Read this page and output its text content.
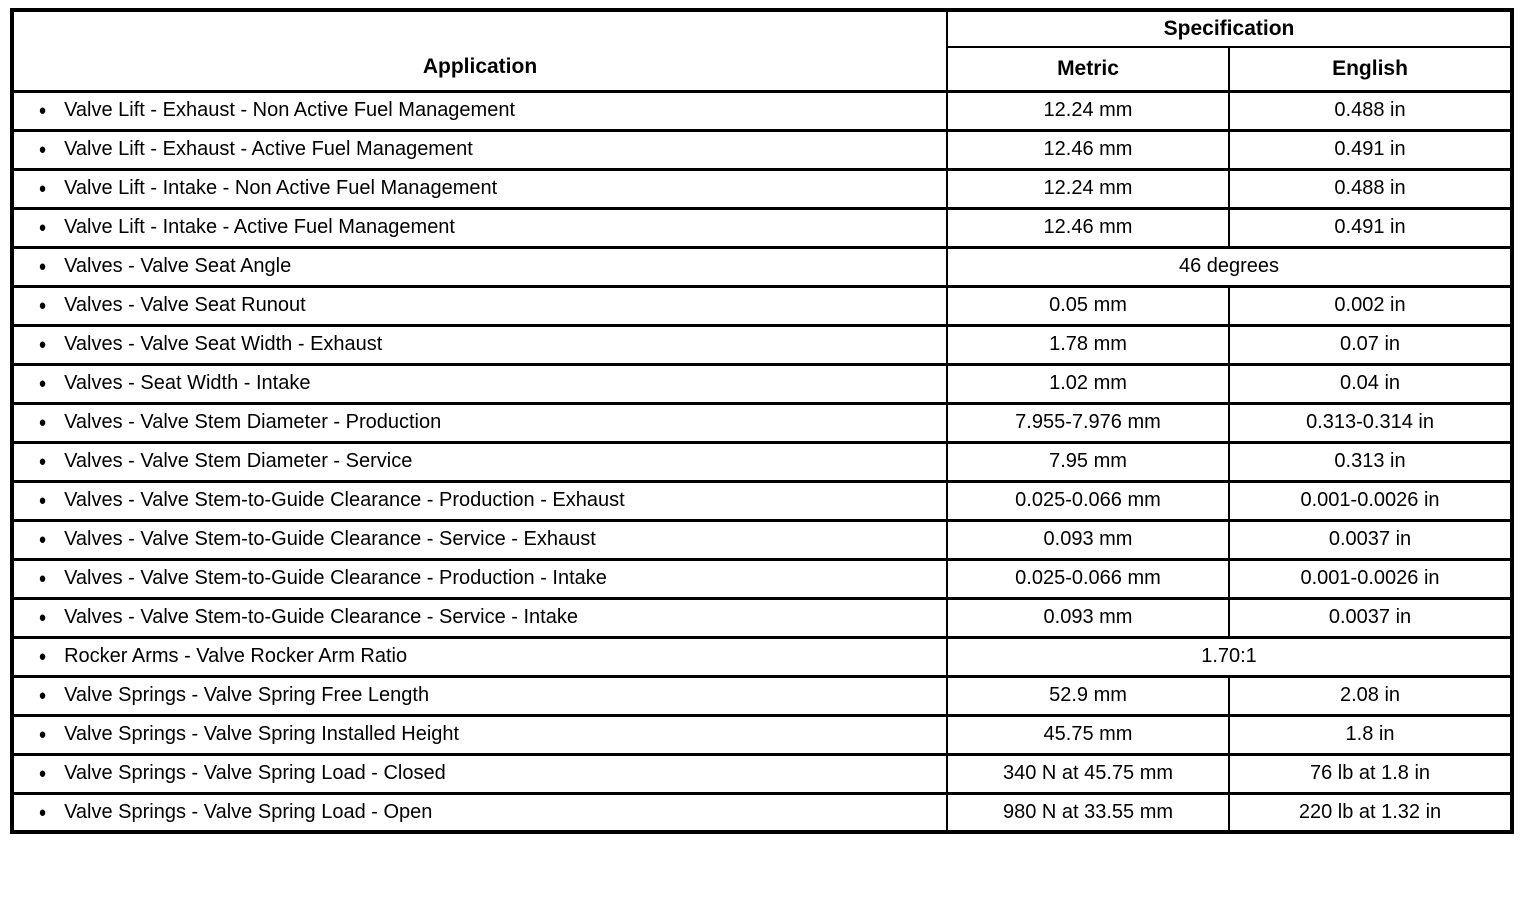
Application	Specification	
	Metric	English
● Valve Lift - Exhaust - Non Active Fuel Management	12.24 mm	0.488 in
● Valve Lift - Exhaust - Active Fuel Management	12.46 mm	0.491 in
● Valve Lift - Intake - Non Active Fuel Management	12.24 mm	0.488 in
● Valve Lift - Intake - Active Fuel Management	12.46 mm	0.491 in
● Valves - Valve Seat Angle	46 degrees	
● Valves - Valve Seat Runout	0.05 mm	0.002 in
● Valves - Valve Seat Width - Exhaust	1.78 mm	0.07 in
● Valves - Seat Width - Intake	1.02 mm	0.04 in
● Valves - Valve Stem Diameter - Production	7.955-7.976 mm	0.313-0.314 in
● Valves - Valve Stem Diameter - Service	7.95 mm	0.313 in
● Valves - Valve Stem-to-Guide Clearance - Production - Exhaust	0.025-0.066 mm	0.001-0.0026 in
● Valves - Valve Stem-to-Guide Clearance - Service - Exhaust	0.093 mm	0.0037 in
● Valves - Valve Stem-to-Guide Clearance - Production - Intake	0.025-0.066 mm	0.001-0.0026 in
● Valves - Valve Stem-to-Guide Clearance - Service - Intake	0.093 mm	0.0037 in
● Rocker Arms - Valve Rocker Arm Ratio	1.70:1	
● Valve Springs - Valve Spring Free Length	52.9 mm	2.08 in
● Valve Springs - Valve Spring Installed Height	45.75 mm	1.8 in
● Valve Springs - Valve Spring Load - Closed	340 N at 45.75 mm	76 lb at 1.8 in
● Valve Springs - Valve Spring Load - Open	980 N at 33.55 mm	220 lb at 1.32 in
